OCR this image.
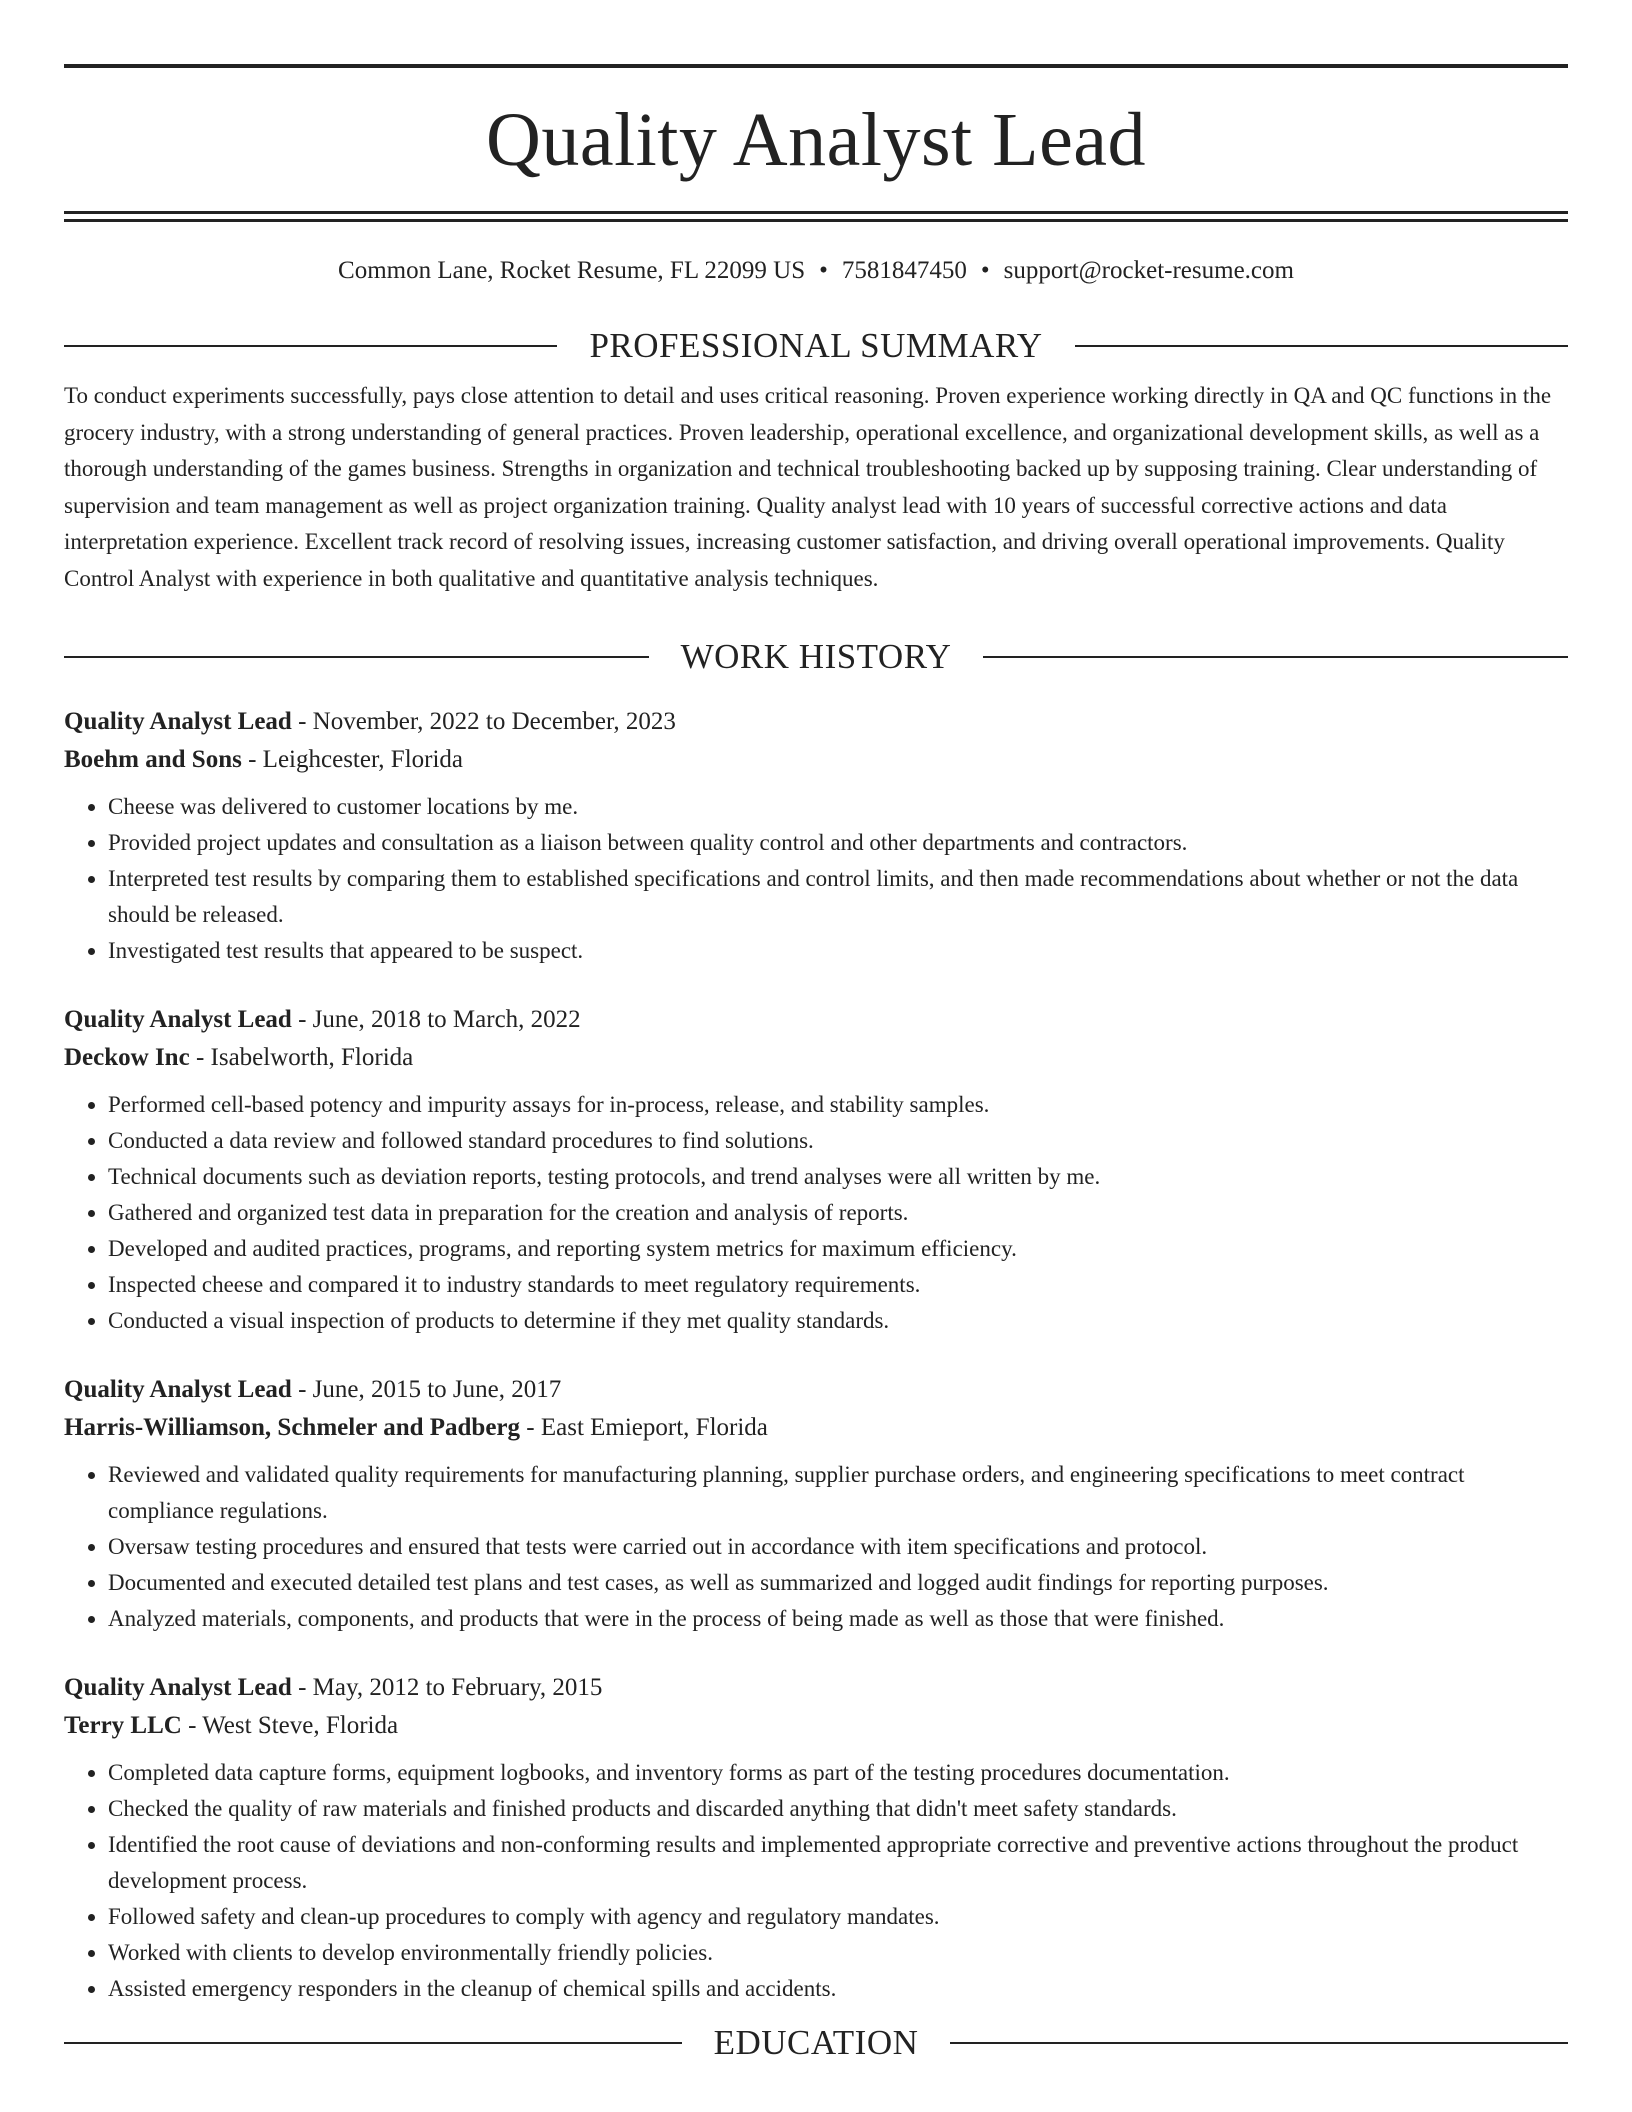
Quality Analyst Lead
Common Lane, Rocket Resume, FL 22099 US • 7581847450 • support@rocket-resume.com
PROFESSIONAL SUMMARY
To conduct experiments successfully, pays close attention to detail and uses critical reasoning. Proven experience working directly in QA and QC functions in the grocery industry, with a strong understanding of general practices. Proven leadership, operational excellence, and organizational development skills, as well as a thorough understanding of the games business. Strengths in organization and technical troubleshooting backed up by supposing training. Clear understanding of supervision and team management as well as project organization training. Quality analyst lead with 10 years of successful corrective actions and data interpretation experience. Excellent track record of resolving issues, increasing customer satisfaction, and driving overall operational improvements. Quality Control Analyst with experience in both qualitative and quantitative analysis techniques.
WORK HISTORY
Quality Analyst Lead - November, 2022 to December, 2023
Boehm and Sons - Leighcester, Florida
• Cheese was delivered to customer locations by me.
• Provided project updates and consultation as a liaison between quality control and other departments and contractors.
• Interpreted test results by comparing them to established specifications and control limits, and then made recommendations about whether or not the data should be released.
• Investigated test results that appeared to be suspect.
Quality Analyst Lead - June, 2018 to March, 2022
Deckow Inc - Isabelworth, Florida
• Performed cell-based potency and impurity assays for in-process, release, and stability samples.
• Conducted a data review and followed standard procedures to find solutions.
• Technical documents such as deviation reports, testing protocols, and trend analyses were all written by me.
• Gathered and organized test data in preparation for the creation and analysis of reports.
• Developed and audited practices, programs, and reporting system metrics for maximum efficiency.
• Inspected cheese and compared it to industry standards to meet regulatory requirements.
• Conducted a visual inspection of products to determine if they met quality standards.
Quality Analyst Lead - June, 2015 to June, 2017
Harris-Williamson, Schmeler and Padberg - East Emieport, Florida
• Reviewed and validated quality requirements for manufacturing planning, supplier purchase orders, and engineering specifications to meet contract compliance regulations.
• Oversaw testing procedures and ensured that tests were carried out in accordance with item specifications and protocol.
• Documented and executed detailed test plans and test cases, as well as summarized and logged audit findings for reporting purposes.
• Analyzed materials, components, and products that were in the process of being made as well as those that were finished.
Quality Analyst Lead - May, 2012 to February, 2015
Terry LLC - West Steve, Florida
• Completed data capture forms, equipment logbooks, and inventory forms as part of the testing procedures documentation.
• Checked the quality of raw materials and finished products and discarded anything that didn't meet safety standards.
• Identified the root cause of deviations and non-conforming results and implemented appropriate corrective and preventive actions throughout the product development process.
• Followed safety and clean-up procedures to comply with agency and regulatory mandates.
• Worked with clients to develop environmentally friendly policies.
• Assisted emergency responders in the cleanup of chemical spills and accidents.
EDUCATION
